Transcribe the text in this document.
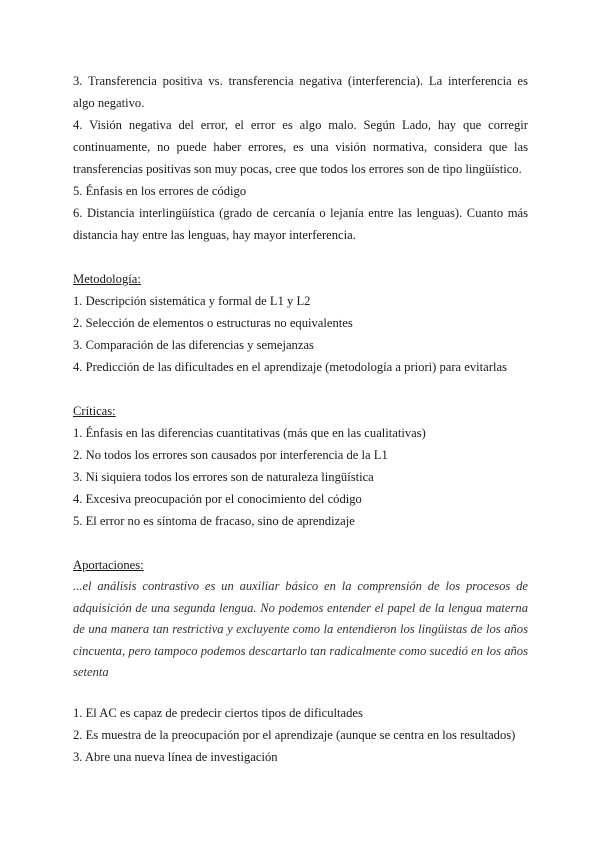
3. Transferencia positiva vs. transferencia negativa (interferencia). La interferencia es algo negativo.

4. Visión negativa del error, el error es algo malo. Según Lado, hay que corregir continuamente, no puede haber errores, es una visión normativa, considera que las transferencias positivas son muy pocas, cree que todos los errores son de tipo lingüístico.

5. Énfasis en los errores de código

6. Distancia interlingüística (grado de cercanía o lejanía entre las lenguas). Cuanto más distancia hay entre las lenguas, hay mayor interferencia.

Metodología:

1. Descripción sistemática y formal de L1 y L2

2. Selección de elementos o estructuras no equivalentes

3. Comparación de las diferencias y semejanzas

4. Predicción de las dificultades en el aprendizaje (metodología a priori) para evitarlas

Críticas:

1. Énfasis en las diferencias cuantitativas (más que en las cualitativas)

2. No todos los errores son causados por interferencia de la L1

3. Ni siquiera todos los errores son de naturaleza lingüística

4. Excesiva preocupación por el conocimiento del código

5. El error no es síntoma de fracaso, sino de aprendizaje

Aportaciones:

...el análisis contrastivo es un auxiliar básico en la comprensión de los procesos de adquisición de una segunda lengua. No podemos entender el papel de la lengua materna de una manera tan restrictiva y excluyente como la entendieron los lingüistas de los años cincuenta, pero tampoco podemos descartarlo tan radicalmente como sucedió en los años setenta

1. El AC es capaz de predecir ciertos tipos de dificultades

2. Es muestra de la preocupación por el aprendizaje (aunque se centra en los resultados)

3. Abre una nueva línea de investigación
